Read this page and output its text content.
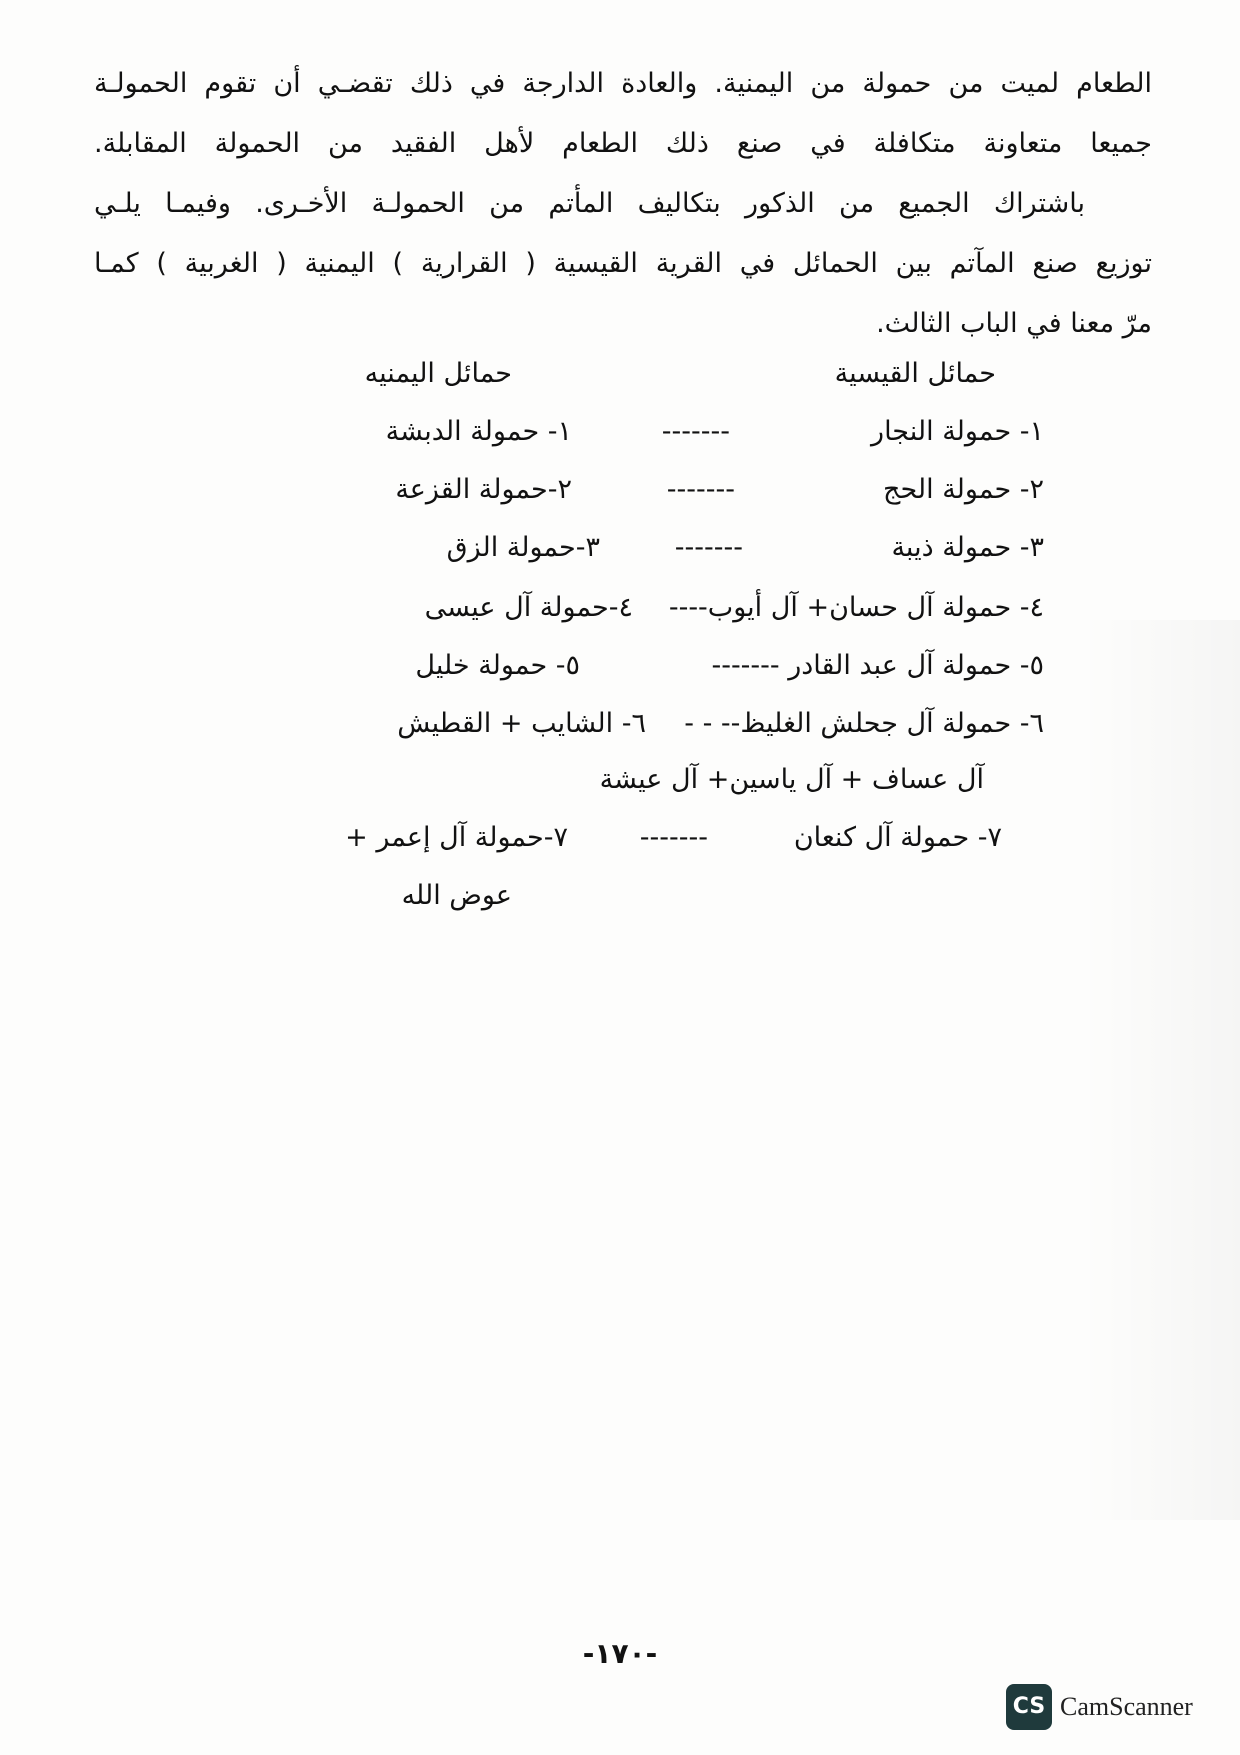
الطعام لميت من حمولة من اليمنية. والعادة الدارجة في ذلك تقضـي أن تقوم الحمولـة
جميعا متعاونة متكافلة في صنع ذلك الطعام لأهل الفقيد من الحمولة المقابلة.
باشتراك الجميع من الذكور بتكاليف المأتم من الحمولـة الأخـرى. وفيمـا يلـي
توزيع صنع المآتم بين الحمائل في القرية القيسية ( القرارية ) اليمنية ( الغربية ) كمـا
مرّ معنا في الباب الثالث.
حمائل القيسية
حمائل اليمنيه
١- حمولة النجار
-------
١- حمولة الدبشة
٢- حمولة الحج
-------
٢-حمولة القزعة
٣- حمولة ذيبة
-------
٣-حمولة الزق
٤- حمولة آل حسان+ آل أيوب----
٤-حمولة آل عيسى
٥- حمولة آل عبد القادر -------
٥- حمولة خليل
٦- حمولة آل جحلش الغليظ-- - -
٦- الشايب + القطيش
آل عساف + آل ياسين+ آل عيشة
٧- حمولة آل كنعان
-------
٧-حمولة آل إعمر +
عوض الله
-١٧٠-
CS CamScanner
